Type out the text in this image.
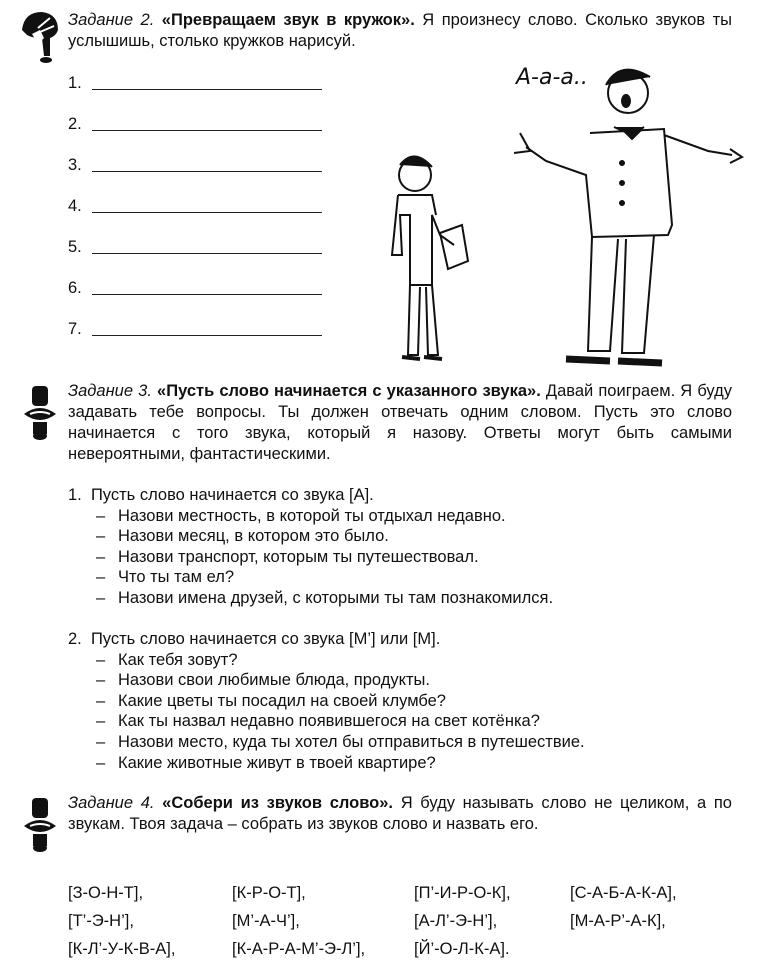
Задание 2. «Превращаем звук в кружок». Я произнесу слово. Сколько звуков ты услышишь, столько кружков нарисуй.
1.
2.
3.
4.
5.
6.
7.
А-а-а..
Задание 3. «Пусть слово начинается с указанного звука». Давай поиграем. Я буду задавать тебе вопросы. Ты должен отвечать одним словом. Пусть это слово начинается с того звука, который я назову. Ответы могут быть самыми невероятными, фантастическими.
1. Пусть слово начинается со звука [А].
– Назови местность, в которой ты отдыхал недавно.
– Назови месяц, в котором это было.
– Назови транспорт, которым ты путешествовал.
– Что ты там ел?
– Назови имена друзей, с которыми ты там познакомился.
2. Пусть слово начинается со звука [М’] или [М].
– Как тебя зовут?
– Назови свои любимые блюда, продукты.
– Какие цветы ты посадил на своей клумбе?
– Как ты назвал недавно появившегося на свет котёнка?
– Назови место, куда ты хотел бы отправиться в путешествие.
– Какие животные живут в твоей квартире?
Задание 4. «Собери из звуков слово». Я буду называть слово не целиком, а по звукам. Твоя задача – собрать из звуков слово и назвать его.
[З-О-Н-Т],	[К-Р-О-Т],	[П’-И-Р-О-К],	[С-А-Б-А-К-А],
[Т’-Э-Н’],	[М’-А-Ч’],	[А-Л’-Э-Н’],	[М-А-Р’-А-К],
[К-Л’-У-К-В-А],	[К-А-Р-А-М’-Э-Л’],	[Й’-О-Л-К-А].
